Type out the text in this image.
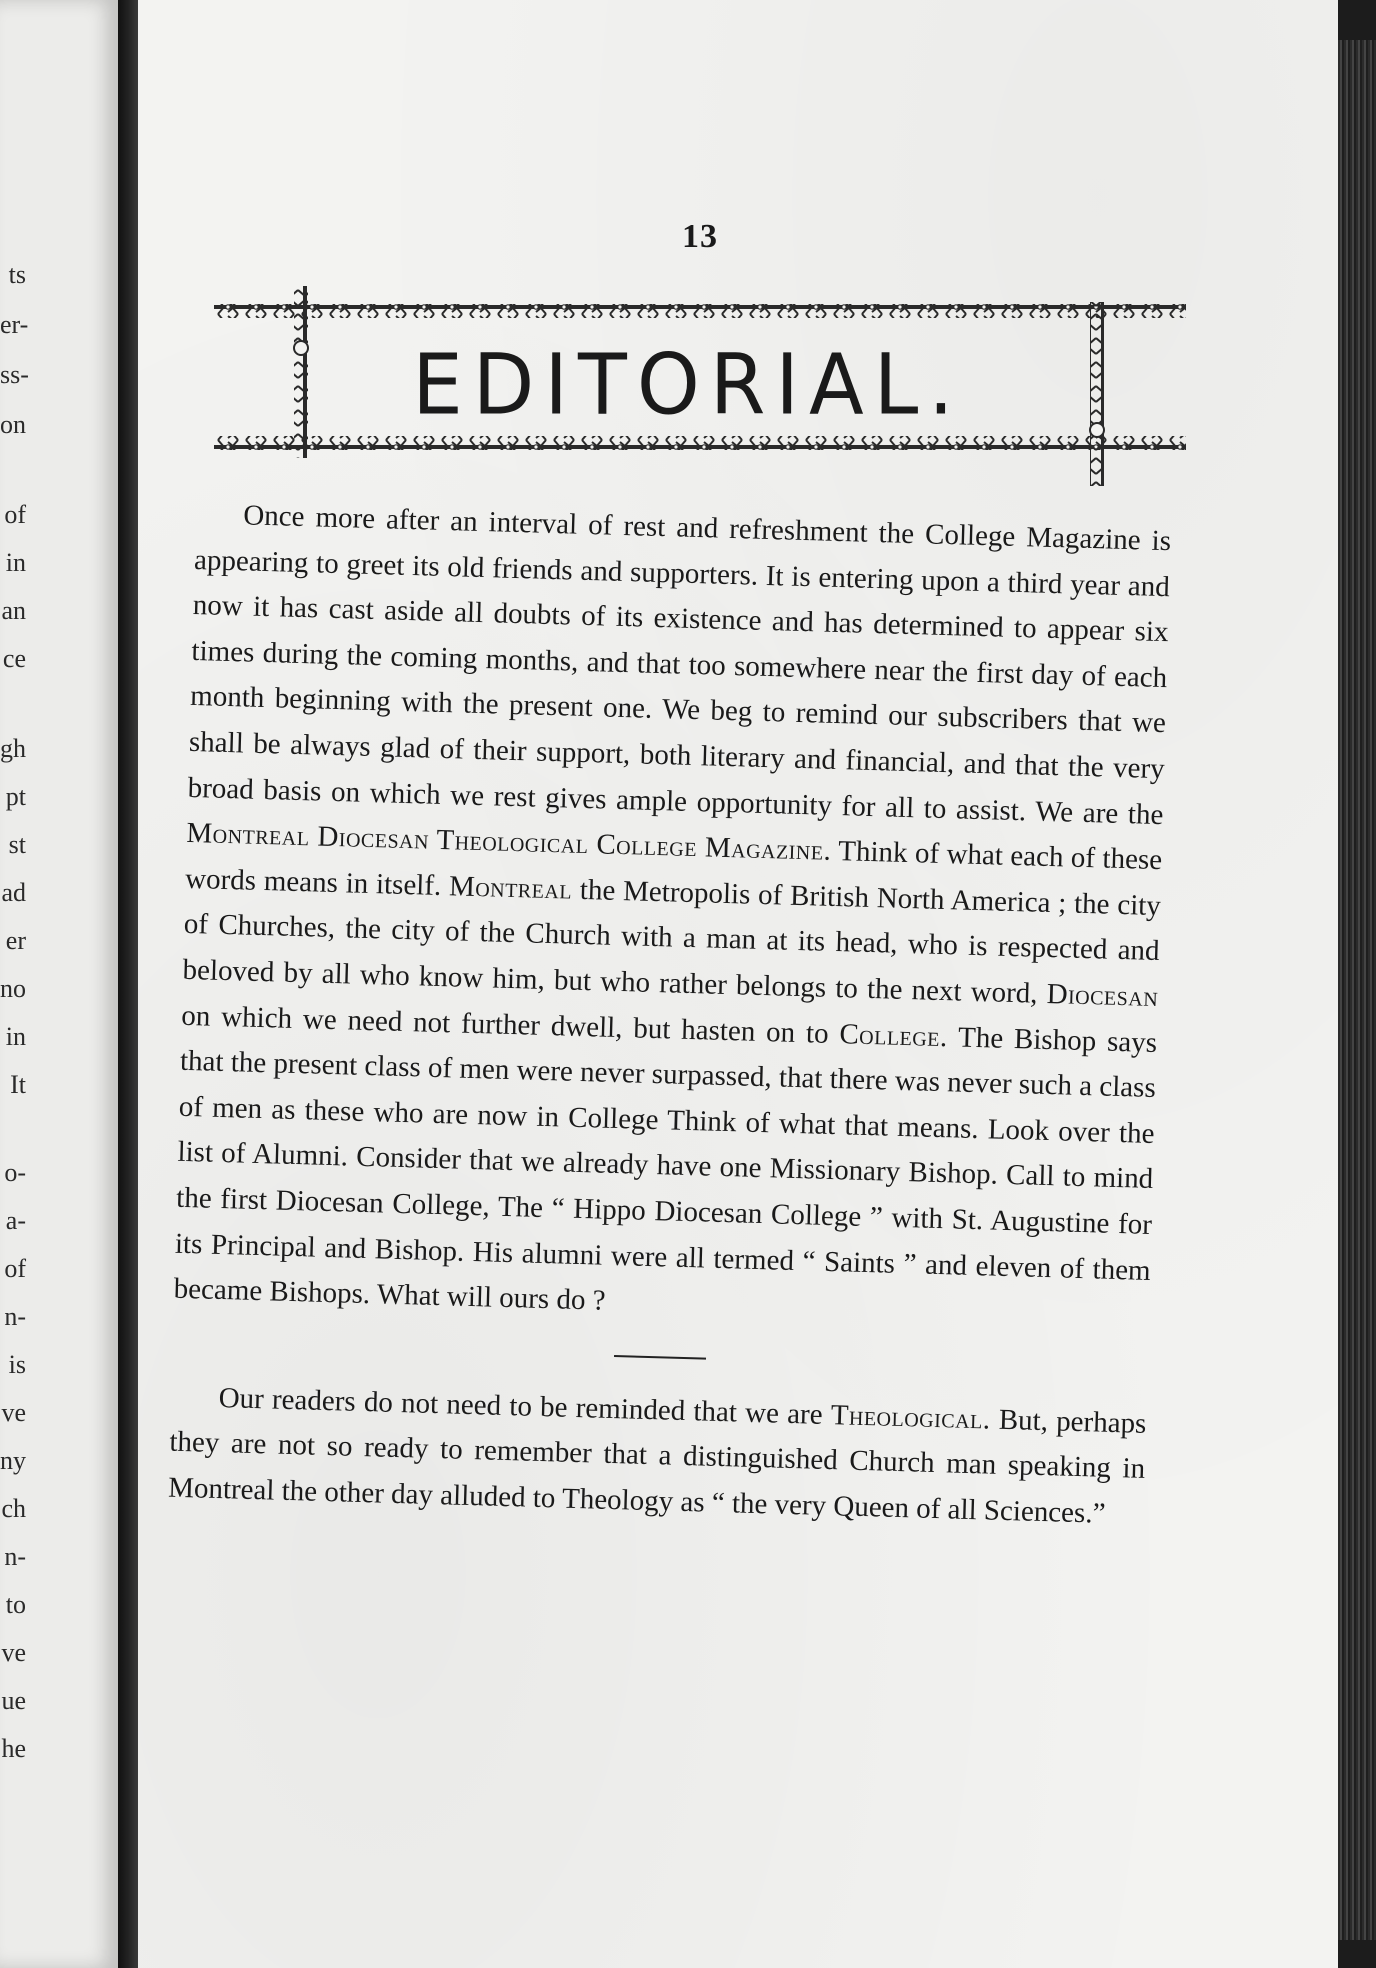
ts
er-
ss-
on
of
in
an
ce
gh
pt
st
ad
er
no
in
It
o-
a-
of
n-
is
ve
ny
ch
n-
to
ve
ue
he
13
EDITORIAL.

Once more after an interval of rest and refreshment the College Magazine is appearing to greet its old friends and supporters. It is entering upon a third year and now it has cast aside all doubts of its existence and has determined to appear six times during the coming months, and that too somewhere near the first day of each month beginning with the present one. We beg to remind our subscribers that we shall be always glad of their support, both literary and financial, and that the very broad basis on which we rest gives ample opportunity for all to assist. We are the Montreal Diocesan Theological College Magazine. Think of what each of these words means in itself. Montreal the Metropolis of British North America ; the city of Churches, the city of the Church with a man at its head, who is respected and beloved by all who know him, but who rather belongs to the next word, Diocesan on which we need not further dwell, but hasten on to College. The Bishop says that the present class of men were never surpassed, that there was never such a class of men as these who are now in College Think of what that means. Look over the list of Alumni. Consider that we already have one Missionary Bishop. Call to mind the first Diocesan College, The “ Hippo Diocesan College ” with St. Augustine for its Principal and Bishop. His alumni were all termed “ Saints ” and eleven of them became Bishops. What will ours do ?

Our readers do not need to be reminded that we are Theological. But, perhaps they are not so ready to remember that a distinguished Church man speaking in Montreal the other day alluded to Theology as “ the very Queen of all Sciences.”
